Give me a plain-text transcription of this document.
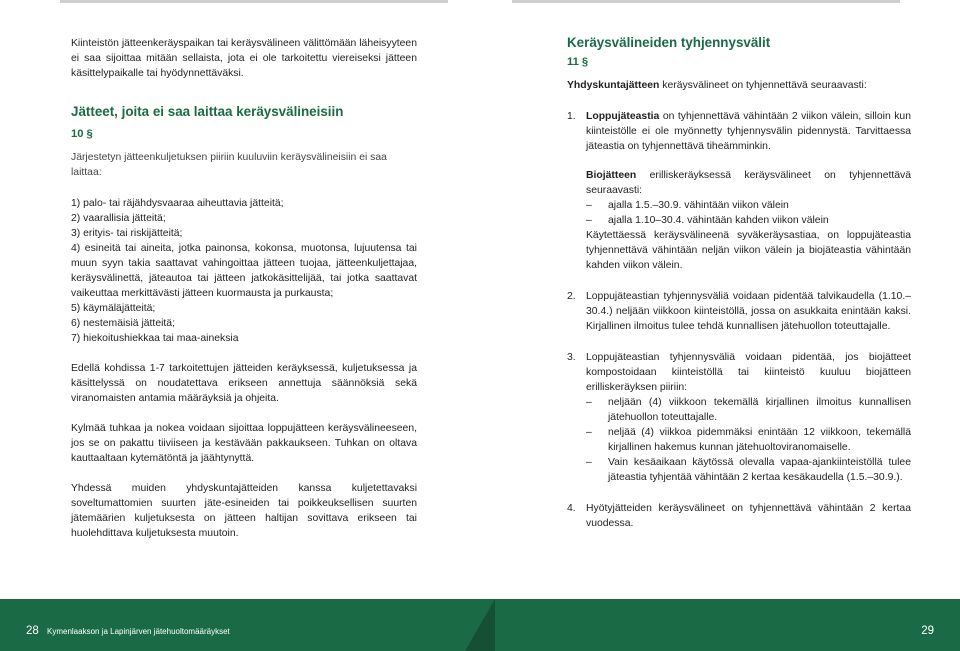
Kiinteistön jätteenkeräyspaikan tai keräysvälineen välittömään läheisyyteen ei saa sijoittaa mitään sellaista, jota ei ole tarkoitettu viereiseksi jätteen käsittelypaikalle tai hyödynnettäväksi.

Jätteet, joita ei saa laittaa keräysvälineisiin

10 §

Järjestetyn jätteenkuljetuksen piiriin kuuluviin keräysvälineisiin ei saa laittaa:

1) palo- tai räjähdysvaaraa aiheuttavia jätteitä;
2) vaarallisia jätteitä;
3) erityis- tai riskijätteitä;
4) esineitä tai aineita, jotka painonsa, kokonsa, muotonsa, lujuutensa tai muun syyn takia saattavat vahingoittaa jätteen tuojaa, jätteenkuljettajaa, keräysvälinettä, jäteautoa tai jätteen jatkokäsittelijää, tai jotka saattavat vaikeuttaa merkittävästi jätteen kuormausta ja purkausta;
5) käymäläjätteitä;
6) nestemäisiä jätteitä;
7) hiekoitushiekkaa tai maa-aineksia

Edellä kohdissa 1-7 tarkoitettujen jätteiden keräyksessä, kuljetuksessa ja käsittelyssä on noudatettava erikseen annettuja säännöksiä sekä viranomaisten antamia määräyksiä ja ohjeita.

Kylmää tuhkaa ja nokea voidaan sijoittaa loppujätteen keräysvälineeseen, jos se on pakattu tiiviiseen ja kestävään pakkaukseen. Tuhkan on oltava kauttaaltaan kytemätöntä ja jäähtynyttä.

Yhdessä muiden yhdyskuntajätteiden kanssa kuljetettavaksi soveltumattomien suurten jäte-esineiden tai poikkeuksellisen suurten jätemäärien kuljetuksesta on jätteen haltijan sovittava erikseen tai huolehdittava kuljetuksesta muutoin.

Keräysvälineiden tyhjennysvälit

11 §

Yhdyskuntajätteen keräysvälineet on tyhjennettävä seuraavasti:

1. Loppujäteastia on tyhjennettävä vähintään 2 viikon välein, silloin kun kiinteistölle ei ole myönnetty tyhjennysvälin pidennystä. Tarvittaessa jäteastia on tyhjennettävä tiheämminkin.

Biojätteen erilliskeräyksessä keräysvälineet on tyhjennettävä seuraavasti:

– ajalla 1.5.–30.9. vähintään viikon välein
– ajalla 1.10–30.4. vähintään kahden viikon välein

Käytettäessä keräysvälineenä syväkeräysastiaa, on loppujäteastia tyhjennettävä vähintään neljän viikon välein ja biojäteastia vähintään kahden viikon välein.

2. Loppujäteastian tyhjennysväliä voidaan pidentää talvikaudella (1.10.–30.4.) neljään viikkoon kiinteistöllä, jossa on asukkaita enintään kaksi. Kirjallinen ilmoitus tulee tehdä kunnallisen jätehuollon toteuttajalle.

3. Loppujäteastian tyhjennysväliä voidaan pidentää, jos biojätteet kompostoidaan kiinteistöllä tai kiinteistö kuuluu biojätteen erilliskeräyksen piiriin:

– neljään (4) viikkoon tekemällä kirjallinen ilmoitus kunnallisen jätehuollon toteuttajalle.
– neljää (4) viikkoa pidemmäksi enintään 12 viikkoon, tekemällä kirjallinen hakemus kunnan jätehuoltoviranomaiselle.
– Vain kesäaikaan käytössä olevalla vapaa-ajankiinteistöllä tulee jäteastia tyhjentää vähintään 2 kertaa kesäkaudella (1.5.–30.9.).
4. Hyötyjätteiden keräysvälineet on tyhjennettävä vähintään 2 kertaa vuodessa.

28 Kymenlaakson ja Lapinjärven jätehuoltomääräykset	29
